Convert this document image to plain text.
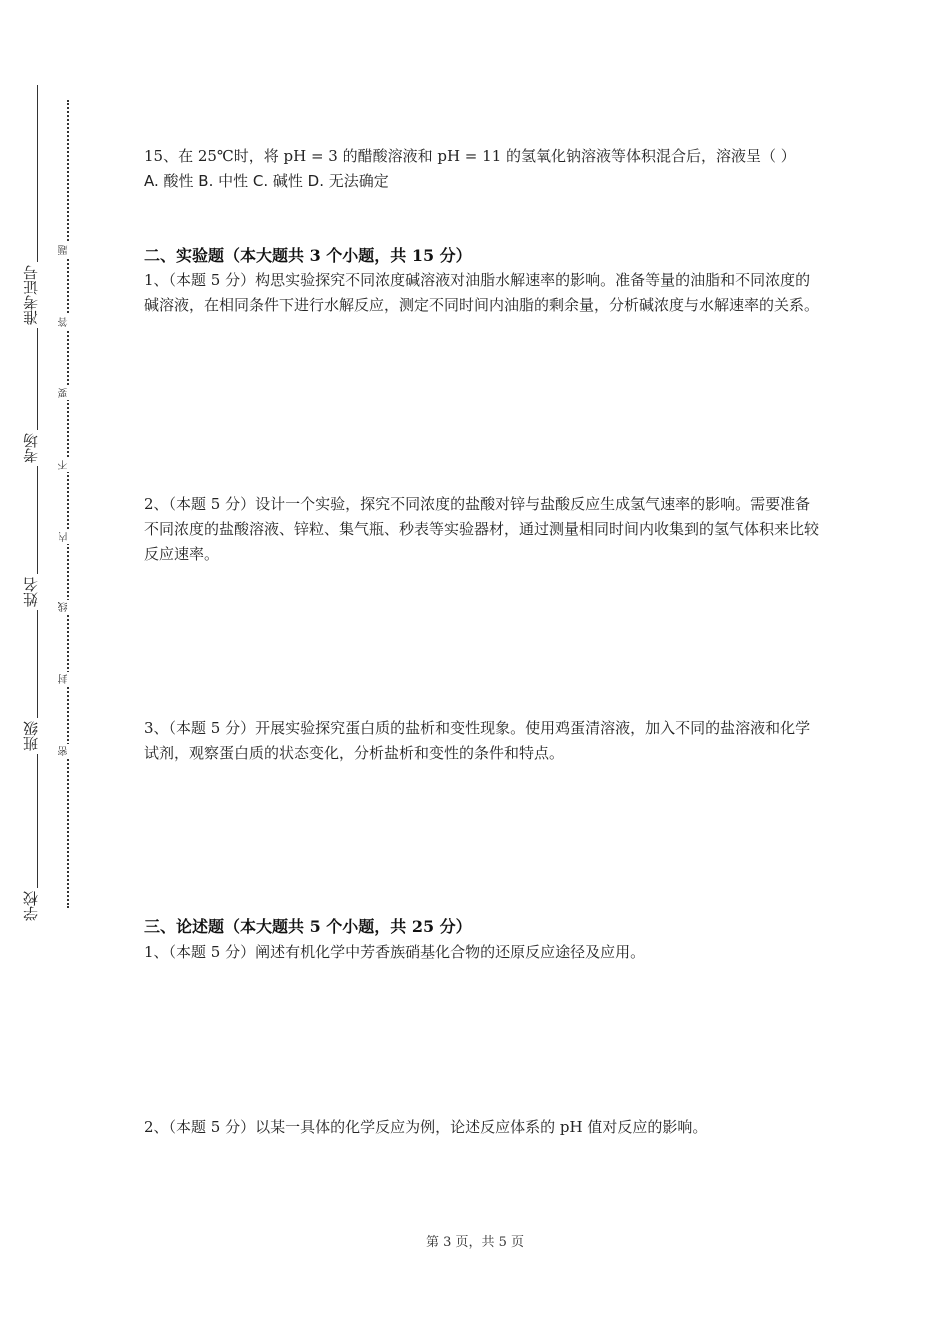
准考证号
考场
姓名
班级
学校
题
答
要
不
内
线
封
密

15、在 25℃时，将 pH = 3 的醋酸溶液和 pH = 11 的氢氧化钠溶液等体积混合后，溶液呈（ ）

A. 酸性 B. 中性 C. 碱性 D. 无法确定

二、实验题（本大题共 3 个小题，共 15 分）

1、（本题 5 分）构思实验探究不同浓度碱溶液对油脂水解速率的影响。准备等量的油脂和不同浓度的碱溶液，在相同条件下进行水解反应，测定不同时间内油脂的剩余量，分析碱浓度与水解速率的关系。

2、（本题 5 分）设计一个实验，探究不同浓度的盐酸对锌与盐酸反应生成氢气速率的影响。需要准备不同浓度的盐酸溶液、锌粒、集气瓶、秒表等实验器材，通过测量相同时间内收集到的氢气体积来比较反应速率。

3、（本题 5 分）开展实验探究蛋白质的盐析和变性现象。使用鸡蛋清溶液，加入不同的盐溶液和化学试剂，观察蛋白质的状态变化，分析盐析和变性的条件和特点。

三、论述题（本大题共 5 个小题，共 25 分）

1、（本题 5 分）阐述有机化学中芳香族硝基化合物的还原反应途径及应用。

2、（本题 5 分）以某一具体的化学反应为例，论述反应体系的 pH 值对反应的影响。

第 3 页，共 5 页
